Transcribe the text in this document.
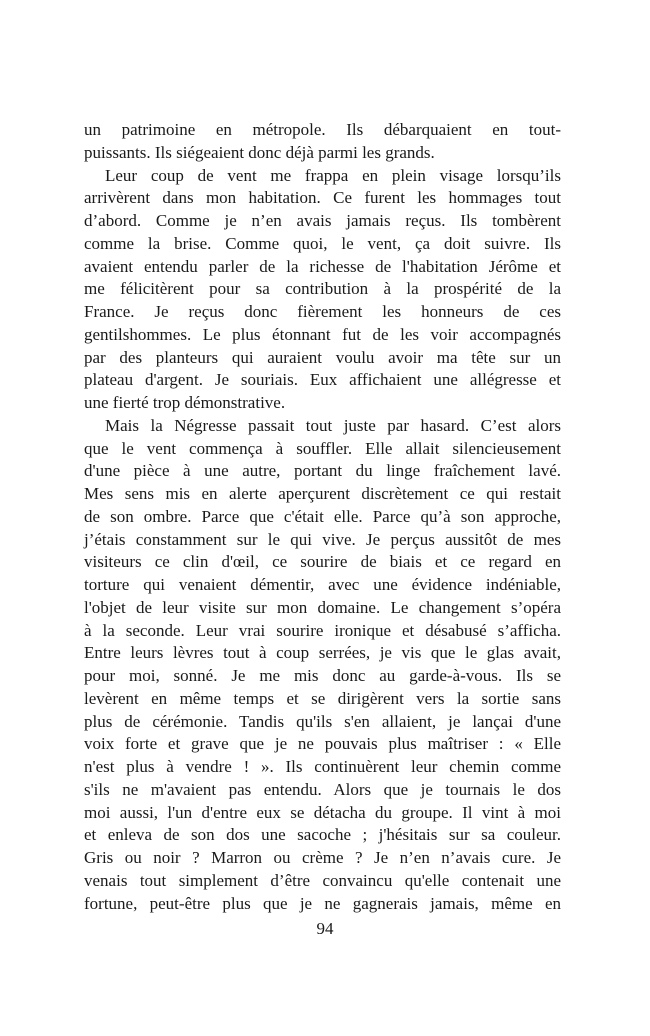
un patrimoine en métropole. Ils débarquaient en tout-
puissants. Ils siégeaient donc déjà parmi les grands.
Leur coup de vent me frappa en plein visage lorsqu’ils
arrivèrent dans mon habitation. Ce furent les hommages tout
d’abord. Comme je n’en avais jamais reçus. Ils tombèrent
comme la brise. Comme quoi, le vent, ça doit suivre. Ils
avaient entendu parler de la richesse de l'habitation Jérôme et
me félicitèrent pour sa contribution à la prospérité de la
France. Je reçus donc fièrement les honneurs de ces
gentilshommes. Le plus étonnant fut de les voir accompagnés
par des planteurs qui auraient voulu avoir ma tête sur un
plateau d'argent. Je souriais. Eux affichaient une allégresse et
une fierté trop démonstrative.
Mais la Négresse passait tout juste par hasard. C’est alors
que le vent commença à souffler. Elle allait silencieusement
d'une pièce à une autre, portant du linge fraîchement lavé.
Mes sens mis en alerte aperçurent discrètement ce qui restait
de son ombre. Parce que c'était elle. Parce qu’à son approche,
j’étais constamment sur le qui vive. Je perçus aussitôt de mes
visiteurs ce clin d'œil, ce sourire de biais et ce regard en
torture qui venaient démentir, avec une évidence indéniable,
l'objet de leur visite sur mon domaine. Le changement s’opéra
à la seconde. Leur vrai sourire ironique et désabusé s’afficha.
Entre leurs lèvres tout à coup serrées, je vis que le glas avait,
pour moi, sonné. Je me mis donc au garde-à-vous. Ils se
levèrent en même temps et se dirigèrent vers la sortie sans
plus de cérémonie. Tandis qu'ils s'en allaient, je lançai d'une
voix forte et grave que je ne pouvais plus maîtriser : « Elle
n'est plus à vendre ! ». Ils continuèrent leur chemin comme
s'ils ne m'avaient pas entendu. Alors que je tournais le dos
moi aussi, l'un d'entre eux se détacha du groupe. Il vint à moi
et enleva de son dos une sacoche ; j'hésitais sur sa couleur.
Gris ou noir ? Marron ou crème ? Je n’en n’avais cure. Je
venais tout simplement d’être convaincu qu'elle contenait une
fortune, peut-être plus que je ne gagnerais jamais, même en
94
